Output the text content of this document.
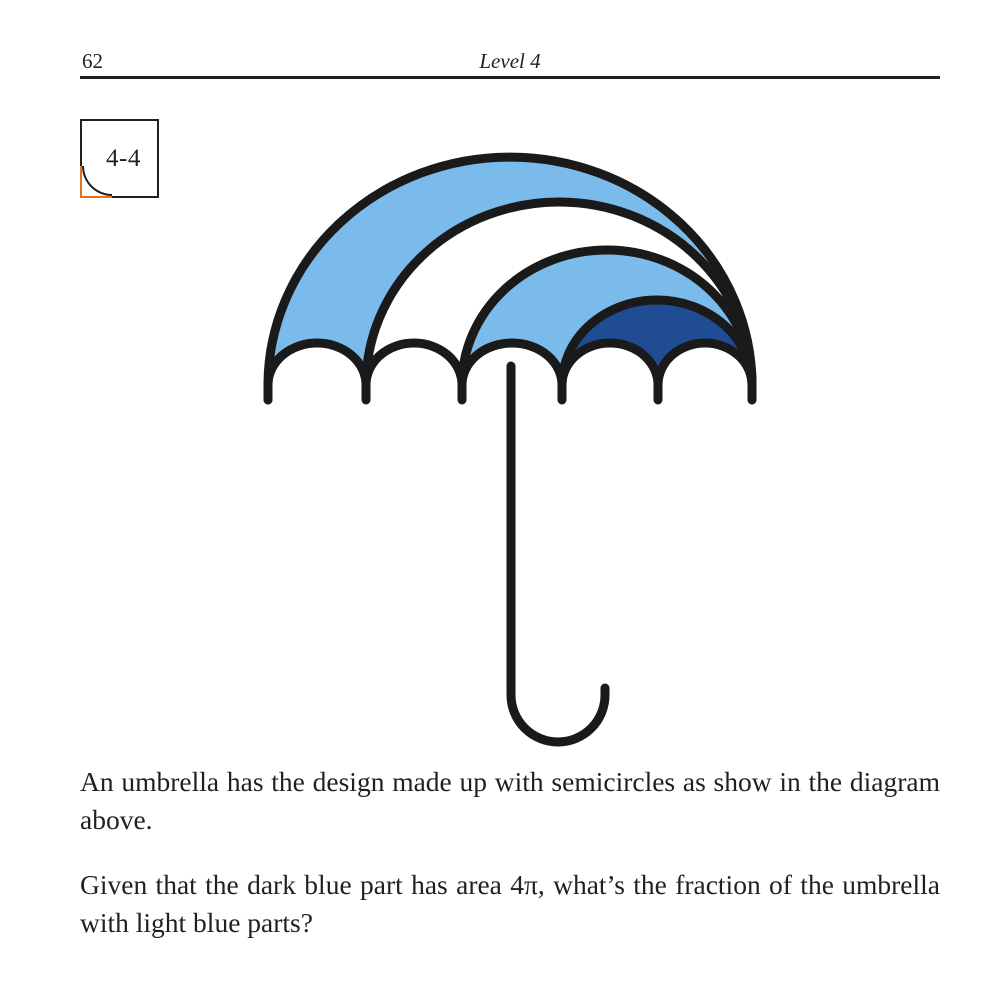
62	Level 4
4-4
An umbrella has the design made up with semicircles as show in the diagram above.
Given that the dark blue part has area 4π, what’s the fraction of the umbrella with light blue parts?
